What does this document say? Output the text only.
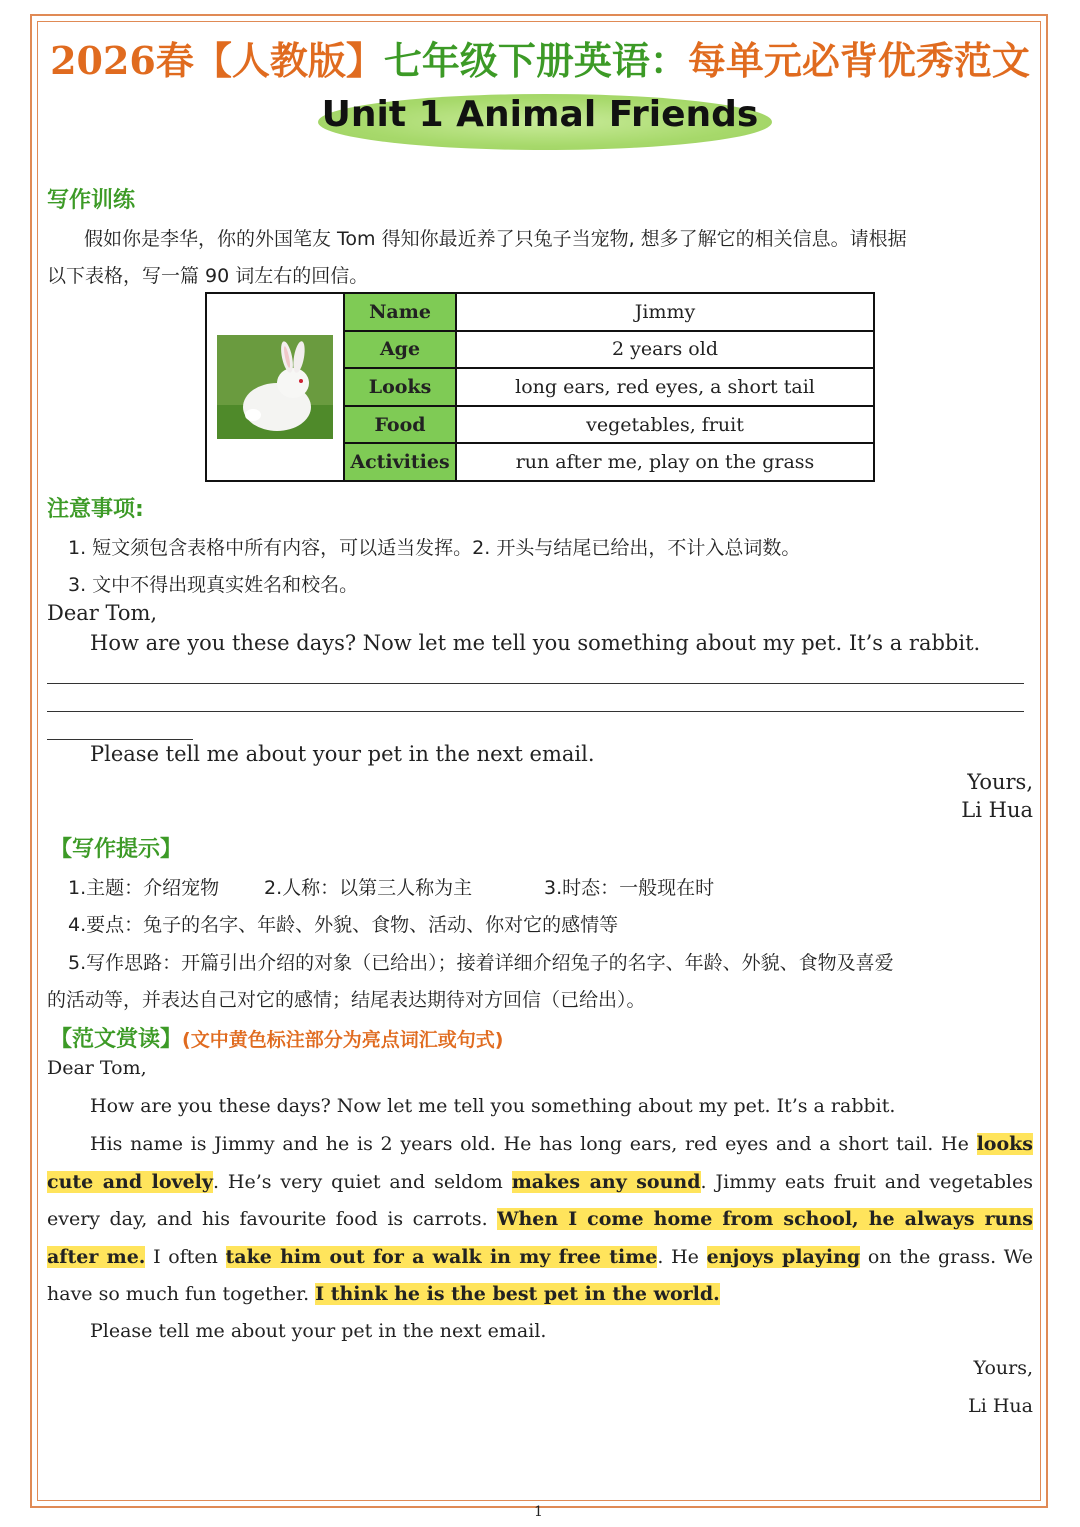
2026春【人教版】七年级下册英语：每单元必背优秀范文
Unit 1 Animal Friends
写作训练
假如你是李华，你的外国笔友 Tom 得知你最近养了只兔子当宠物, 想多了解它的相关信息。请根据
以下表格，写一篇 90 词左右的回信。
	Name	Jimmy
	Age	2 years old
	Looks	long ears, red eyes, a short tail
	Food	vegetables, fruit
	Activities	run after me, play on the grass
注意事项:
1. 短文须包含表格中所有内容，可以适当发挥。2. 开头与结尾已给出，不计入总词数。
3. 文中不得出现真实姓名和校名。
Dear Tom,
How are you these days? Now let me tell you something about my pet. It’s a rabbit.
Please tell me about your pet in the next email.
Yours,
Li Hua
【写作提示】
1.主题：介绍宠物 2.人称：以第三人称为主	3.时态：一般现在时
4.要点：兔子的名字、年龄、外貌、食物、活动、你对它的感情等
5.写作思路：开篇引出介绍的对象（已给出）；接着详细介绍兔子的名字、年龄、外貌、食物及喜爱
的活动等，并表达自己对它的感情；结尾表达期待对方回信（已给出）。
【范文赏读】(文中黄色标注部分为亮点词汇或句式)
Dear Tom,
How are you these days? Now let me tell you something about my pet. It’s a rabbit.
His name is Jimmy and he is 2 years old. He has long ears, red eyes and a short tail. He looks cute and lovely. He’s very quiet and seldom makes any sound. Jimmy eats fruit and vegetables every day, and his favourite food is carrots. When I come home from school, he always runs after me. I often take him out for a walk in my free time. He enjoys playing on the grass. We have so much fun together. I think he is the best pet in the world.
Please tell me about your pet in the next email.
Yours,
Li Hua
1
